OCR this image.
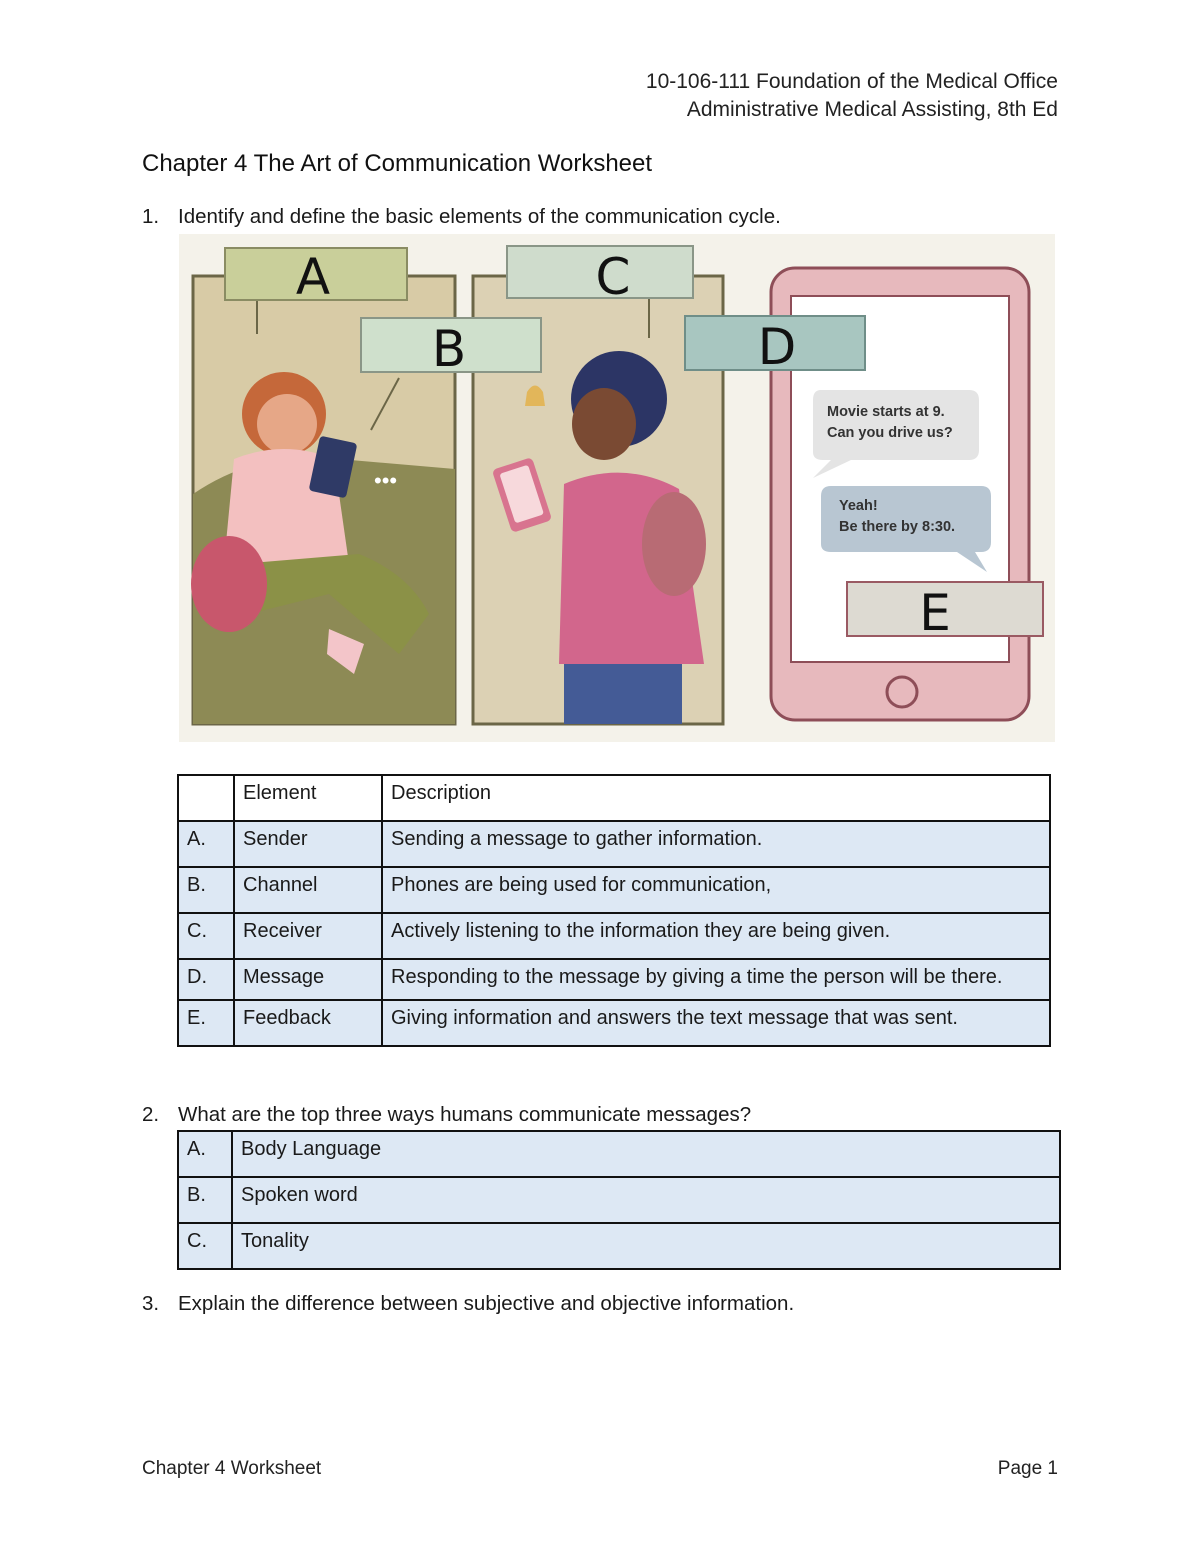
10-106-111 Foundation of the Medical Office
Administrative Medical Assisting, 8th Ed
Chapter 4 The Art of Communication Worksheet
1. Identify and define the basic elements of the communication cycle.
•••
Movie starts at 9.
Can you drive us?
Yeah!
Be there by 8:30.
A
B
C
D
E
	Element	Description
A.	Sender	Sending a message to gather information.
B.	Channel	Phones are being used for communication,
C.	Receiver	Actively listening to the information they are being given.
D.	Message	Responding to the message by giving a time the person will be there.
E.	Feedback	Giving information and answers the text message that was sent.
2. What are the top three ways humans communicate messages?
A.	Body Language
B.	Spoken word
C.	Tonality
3. Explain the difference between subjective and objective information.
Chapter 4 Worksheet	Page 1
